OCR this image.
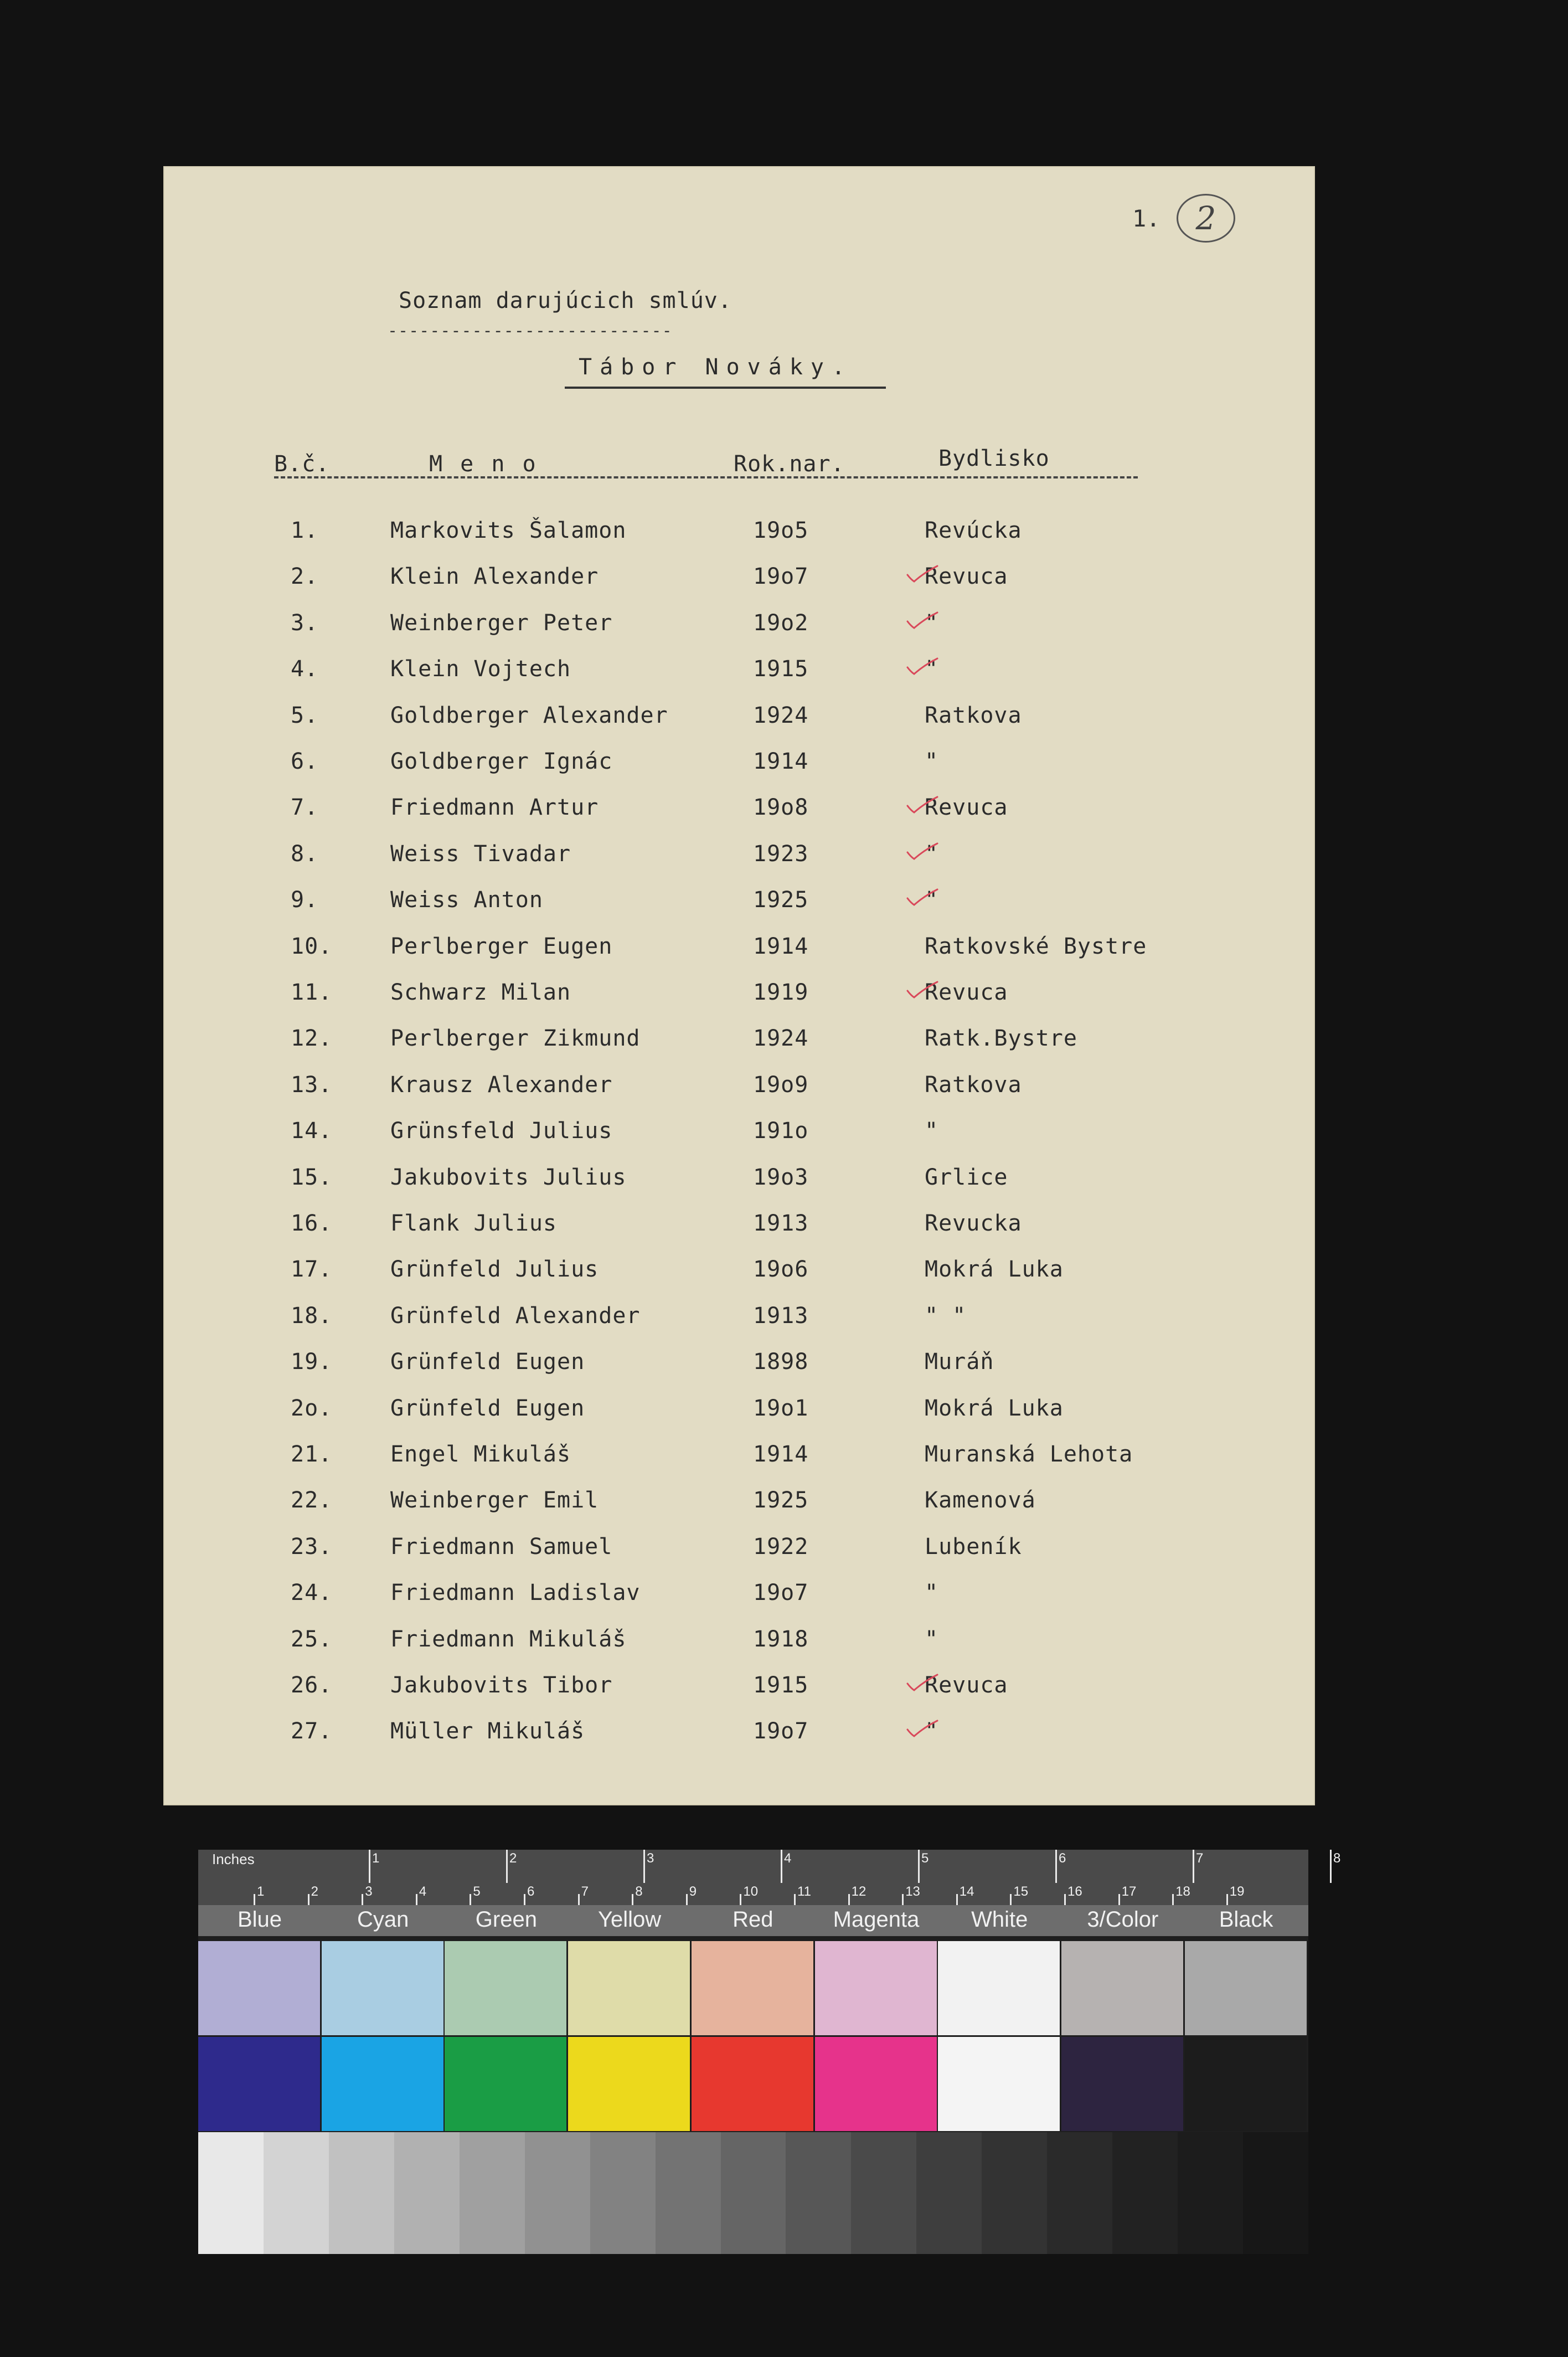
1. 2
Soznam darujúcich smlúv.
---------------------------
Tábor Nováky.
B.č.	M e n o	Rok.nar.	Bydlisko
1.	Markovits Šalamon	19o5	Revúcka
2.	Klein Alexander	19o7	Revuca
3.	Weinberger Peter	19o2	"
4.	Klein Vojtech	1915	"
5.	Goldberger Alexander	1924	Ratkova
6.	Goldberger Ignác	1914	"
7.	Friedmann Artur	19o8	Revuca
8.	Weiss Tivadar	1923	"
9.	Weiss Anton	1925	"
10.	Perlberger Eugen	1914	Ratkovské Bystre
11.	Schwarz Milan	1919	Revuca
12.	Perlberger Zikmund	1924	Ratk.Bystre
13.	Krausz Alexander	19o9	Ratkova
14.	Grünsfeld Julius	191o	"
15.	Jakubovits Julius	19o3	Grlice
16.	Flank Julius	1913	Revucka
17.	Grünfeld Julius	19o6	Mokrá Luka
18.	Grünfeld Alexander	1913	" "
19.	Grünfeld Eugen	1898	Muráň
2o.	Grünfeld Eugen	19o1	Mokrá Luka
21.	Engel Mikuláš	1914	Muranská Lehota
22.	Weinberger Emil	1925	Kamenová
23.	Friedmann Samuel	1922	Lubeník
24.	Friedmann Ladislav	19o7	"
25.	Friedmann Mikuláš	1918	"
26.	Jakubovits Tibor	1915	Revuca
27.	Müller Mikuláš	19o7	"
Inches	1	2	3	4	5	6	7	8
1	2	3	4	5	6	7	8	9	10	11	12	13	14	15	16	17	18	19
Blue	Cyan	Green	Yellow	Red	Magenta	White	3/Color	Black
